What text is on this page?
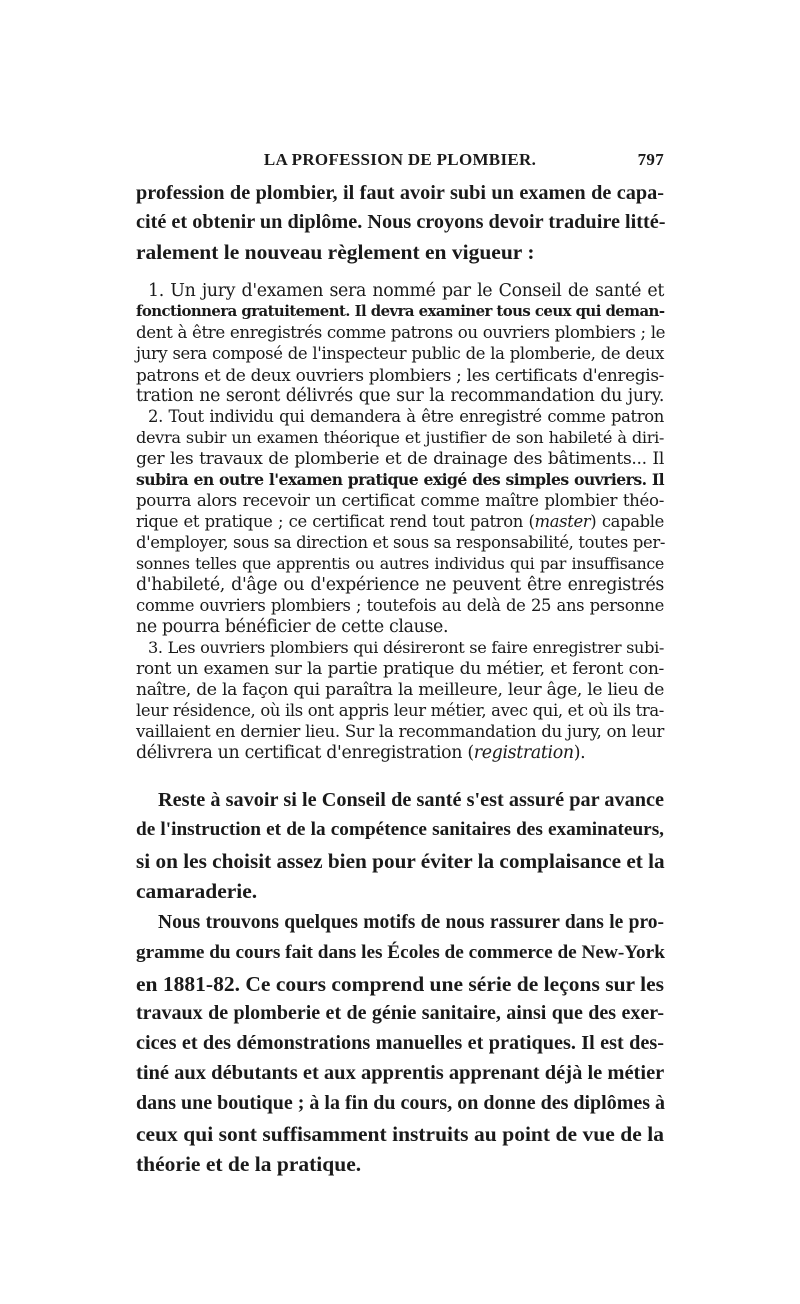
LA PROFESSION DE PLOMBIER.	797
profession de plombier, il faut avoir subi un examen de capa-
cité et obtenir un diplôme. Nous croyons devoir traduire litté-
ralement le nouveau règlement en vigueur :
1. Un jury d'examen sera nommé par le Conseil de santé et
fonctionnera gratuitement. Il devra examiner tous ceux qui deman-
dent à être enregistrés comme patrons ou ouvriers plombiers ; le
jury sera composé de l'inspecteur public de la plomberie, de deux
patrons et de deux ouvriers plombiers ; les certificats d'enregis-
tration ne seront délivrés que sur la recommandation du jury.
2. Tout individu qui demandera à être enregistré comme patron
devra subir un examen théorique et justifier de son habileté à diri-
ger les travaux de plomberie et de drainage des bâtiments... Il
subira en outre l'examen pratique exigé des simples ouvriers. Il
pourra alors recevoir un certificat comme maître plombier théo-
rique et pratique ; ce certificat rend tout patron (master) capable
d'employer, sous sa direction et sous sa responsabilité, toutes per-
sonnes telles que apprentis ou autres individus qui par insuffisance
d'habileté, d'âge ou d'expérience ne peuvent être enregistrés
comme ouvriers plombiers ; toutefois au delà de 25 ans personne
ne pourra bénéficier de cette clause.
3. Les ouvriers plombiers qui désireront se faire enregistrer subi-
ront un examen sur la partie pratique du métier, et feront con-
naître, de la façon qui paraîtra la meilleure, leur âge, le lieu de
leur résidence, où ils ont appris leur métier, avec qui, et où ils tra-
vaillaient en dernier lieu. Sur la recommandation du jury, on leur
délivrera un certificat d'enregistration (registration).
Reste à savoir si le Conseil de santé s'est assuré par avance
de l'instruction et de la compétence sanitaires des examinateurs,
si on les choisit assez bien pour éviter la complaisance et la
camaraderie.
Nous trouvons quelques motifs de nous rassurer dans le pro-
gramme du cours fait dans les Écoles de commerce de New-York
en 1881-82. Ce cours comprend une série de leçons sur les
travaux de plomberie et de génie sanitaire, ainsi que des exer-
cices et des démonstrations manuelles et pratiques. Il est des-
tiné aux débutants et aux apprentis apprenant déjà le métier
dans une boutique ; à la fin du cours, on donne des diplômes à
ceux qui sont suffisamment instruits au point de vue de la
théorie et de la pratique.
